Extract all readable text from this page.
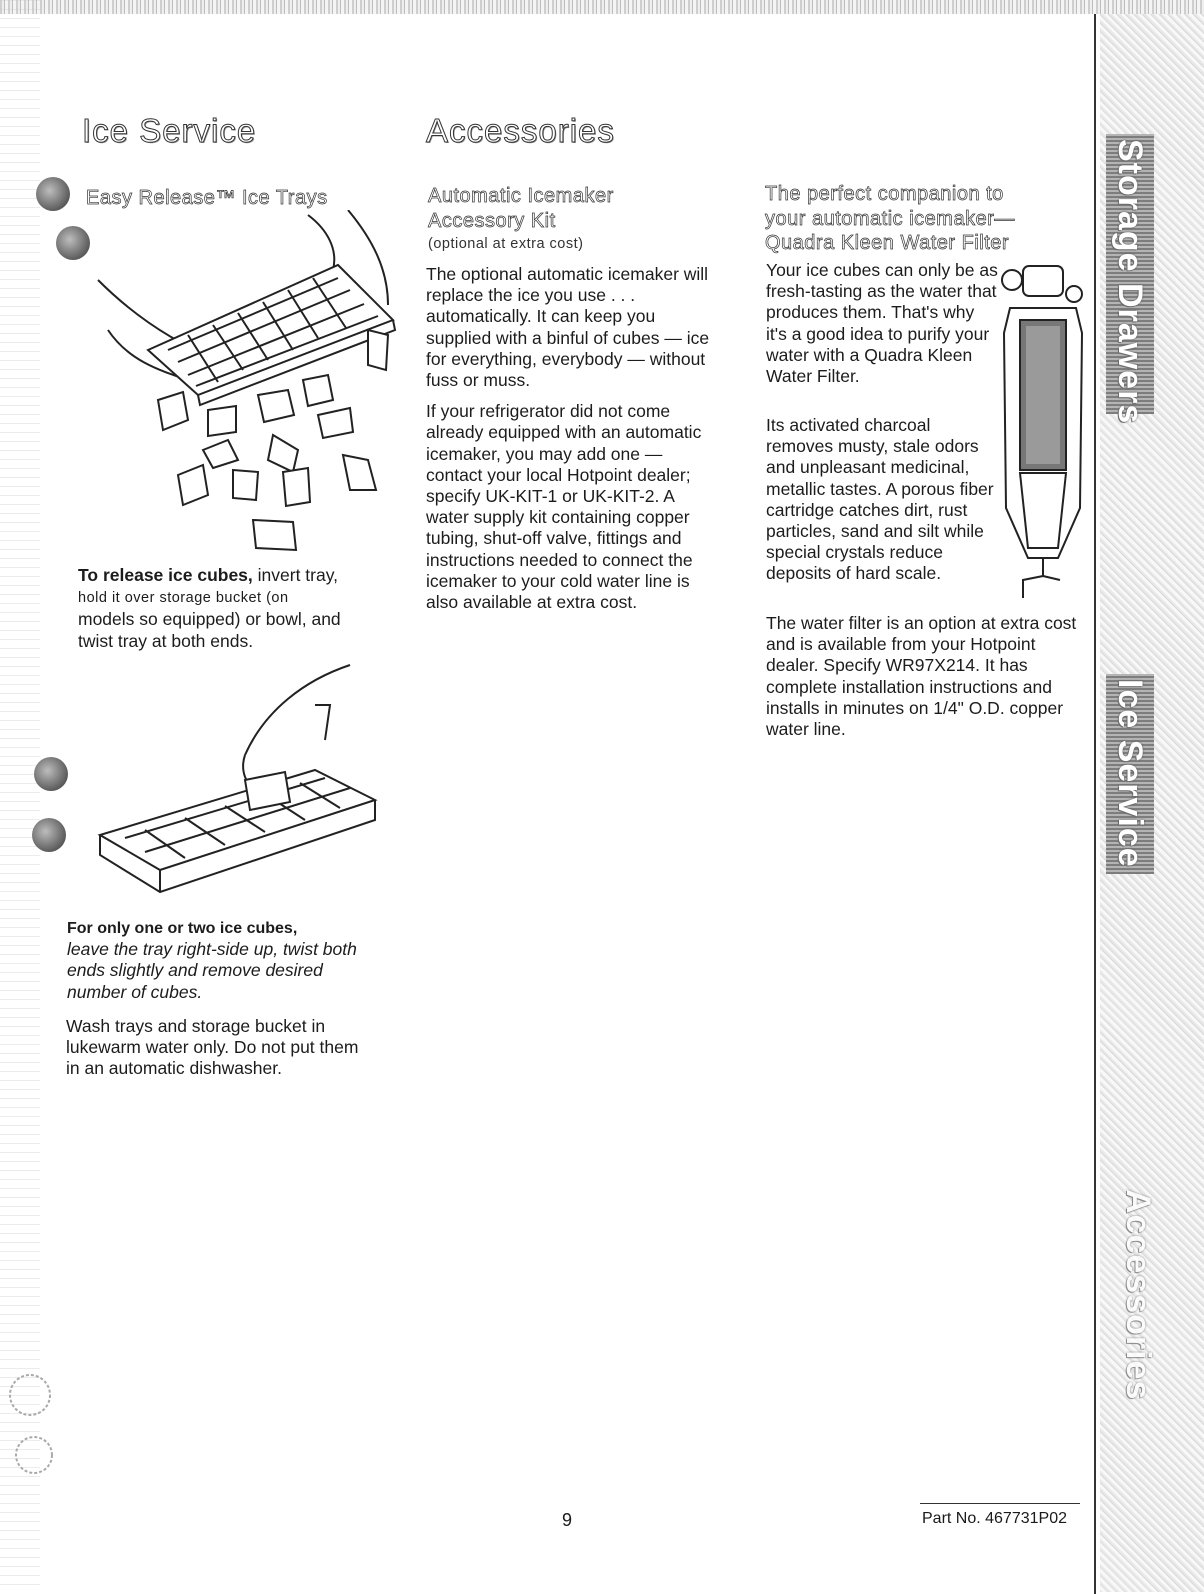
Storage Drawers
Ice Service
Accessories
Ice Service
Easy Release™ Ice Trays
To release ice cubes, invert tray,
hold it over storage bucket (on
models so equipped) or bowl, and
twist tray at both ends.
For only one or two ice cubes,
leave the tray right-side up, twist both ends slightly and remove desired number of cubes.
Wash trays and storage bucket in lukewarm water only. Do not put them in an automatic dishwasher.
Accessories
Automatic Icemaker
Accessory Kit
(optional at extra cost)

The optional automatic icemaker will replace the ice you use . . . automatically. It can keep you supplied with a binful of cubes — ice for everything, everybody — without fuss or muss.

If your refrigerator did not come already equipped with an automatic icemaker, you may add one — contact your local Hotpoint dealer; specify UK-KIT-1 or UK-KIT-2. A water supply kit containing copper tubing, shut-off valve, fittings and instructions needed to connect the icemaker to your cold water line is also available at extra cost.

The perfect companion to
your automatic icemaker—
Quadra Kleen Water Filter
Your ice cubes can only be as fresh-tasting as the water that produces them. That's why it's a good idea to purify your water with a Quadra Kleen Water Filter.
Its activated charcoal removes musty, stale odors and unpleasant medicinal, metallic tastes. A porous fiber cartridge catches dirt, rust particles, sand and silt while special crystals reduce deposits of hard scale.
The water filter is an option at extra cost and is available from your Hotpoint dealer. Specify WR97X214. It has complete installation instructions and installs in minutes on 1/4" O.D. copper water line.
9	Part No. 467731P02
